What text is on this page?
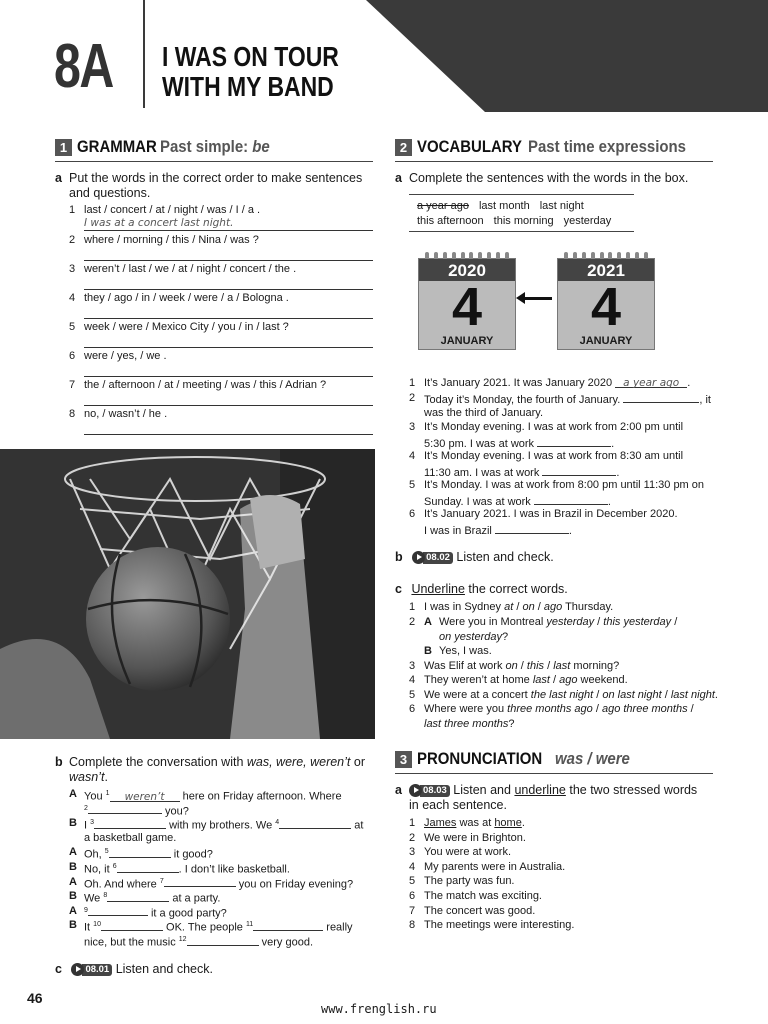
8A I WAS ON TOUR
WITH MY BAND
1 GRAMMAR Past simple: be
a Put the words in the correct order to make sentences and questions.
1 last / concert / at / night / was / I / a .
I was at a concert last night.
2 where / morning / this / Nina / was ?
3 weren’t / last / we / at / night / concert / the .
4 they / ago / in / week / were / a / Bologna .
5 week / were / Mexico City / you / in / last ?
6 were / yes, / we .
7 the / afternoon / at / meeting / was / this / Adrian ?
8 no, / wasn’t / he .
b Complete the conversation with was, were, weren’t or
wasn’t.
A You $^1$ weren’t here on Friday afternoon. Where
$^2$	you?
B I $^3$	with my brothers. We $^4$	at
a basketball game.
A Oh, $^5$	it good?
B No, it $^6$	. I don’t like basketball.
A Oh. And where $^7$	you on Friday evening?
B We $^8$	at a party.
A $^9$	it a good party?
B It $^{10}$	OK. The people $^{11}$	really
nice, but the music $^{12}$	very good.
c 08.01 Listen and check.
2 VOCABULARY Past time expressions
a Complete the sentences with the words in the box.
a year ago last month last night
this afternoon this morning yesterday
2020
4
JANUARY
2021
4
JANUARY
1 It’s January 2021. It was January 2020 a year ago .
2 Today it’s Monday, the fourth of January.	, it
was the third of January.
3 It’s Monday evening. I was at work from 2:00 pm until
5:30 pm. I was at work	.
4 It’s Monday evening. I was at work from 8:30 am until
11:30 am. I was at work	.
5 It’s Monday. I was at work from 8:00 pm until 11:30 pm on
Sunday. I was at work	.
6 It’s January 2021. I was in Brazil in December 2020.
I was in Brazil	.
b 08.02 Listen and check.
c Underline the correct words.
1 I was in Sydney at / on / ago Thursday.
2 A Were you in Montreal yesterday / this yesterday /
on yesterday?
B Yes, I was.
3 Was Elif at work on / this / last morning?
4 They weren’t at home last / ago weekend.
5 We were at a concert the last night / on last night / last night.
6 Where were you three months ago / ago three months /
last three months?
3 PRONUNCIATION was / were
a	08.03 Listen and underline the two stressed words
in each sentence.
1 James was at home.
2 We were in Brighton.
3 You were at work.
4 My parents were in Australia.
5 The party was fun.
6 The match was exciting.
7 The concert was good.
8 The meetings were interesting.
46
www.frenglish.ru
